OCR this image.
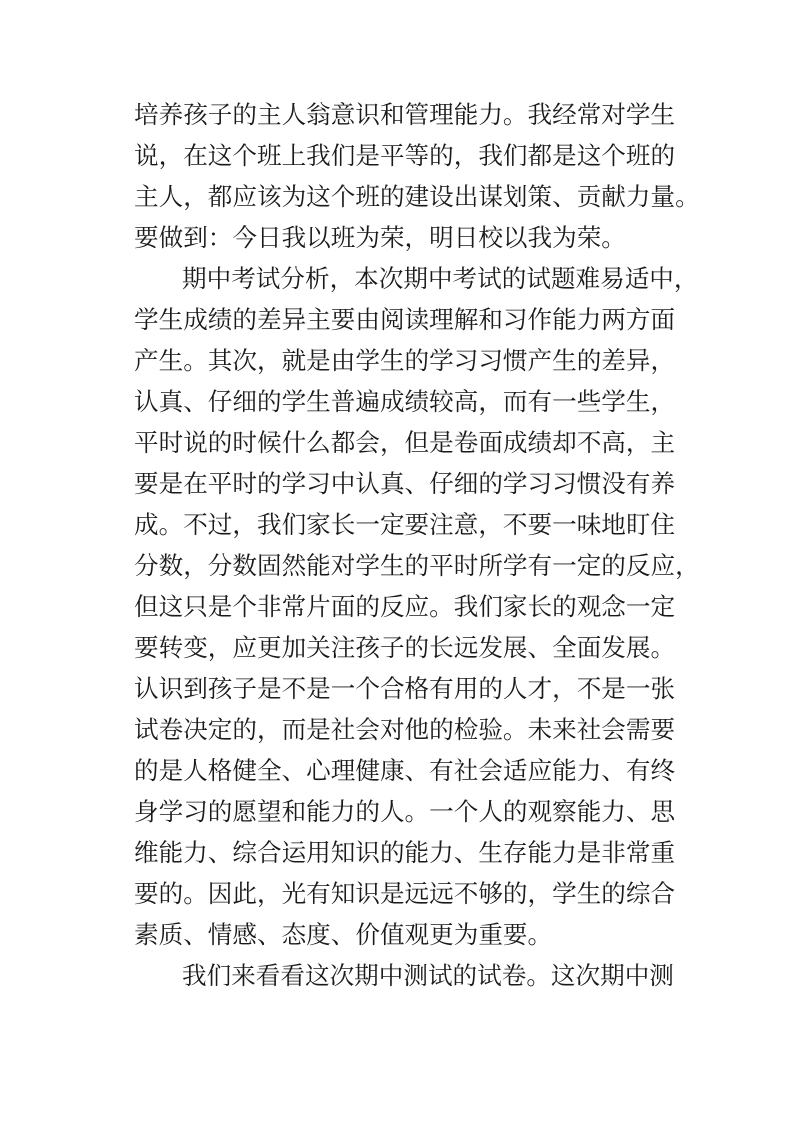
培养孩子的主人翁意识和管理能力。我经常对学生
说，在这个班上我们是平等的，我们都是这个班的
主人，都应该为这个班的建设出谋划策、贡献力量。
要做到：今日我以班为荣，明日校以我为荣。
期中考试分析，本次期中考试的试题难易适中，
学生成绩的差异主要由阅读理解和习作能力两方面
产生。其次，就是由学生的学习习惯产生的差异，
认真、仔细的学生普遍成绩较高，而有一些学生，
平时说的时候什么都会，但是卷面成绩却不高，主
要是在平时的学习中认真、仔细的学习习惯没有养
成。不过，我们家长一定要注意，不要一味地盯住
分数，分数固然能对学生的平时所学有一定的反应，
但这只是个非常片面的反应。我们家长的观念一定
要转变，应更加关注孩子的长远发展、全面发展。
认识到孩子是不是一个合格有用的人才，不是一张
试卷决定的，而是社会对他的检验。未来社会需要
的是人格健全、心理健康、有社会适应能力、有终
身学习的愿望和能力的人。一个人的观察能力、思
维能力、综合运用知识的能力、生存能力是非常重
要的。因此，光有知识是远远不够的，学生的综合
素质、情感、态度、价值观更为重要。
我们来看看这次期中测试的试卷。这次期中测
